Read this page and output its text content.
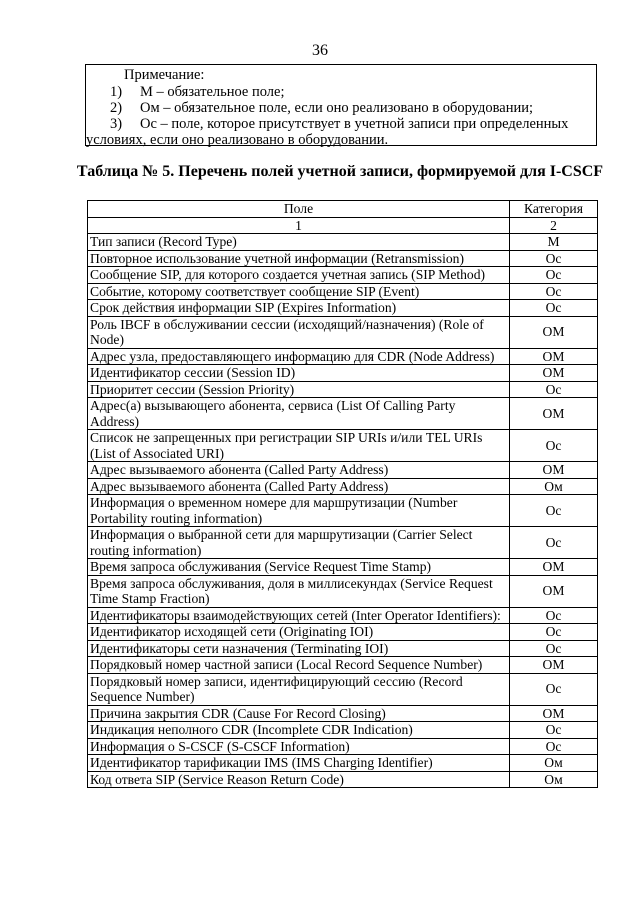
36
Примечание:
1) М – обязательное поле;
2) Ом – обязательное поле, если оно реализовано в оборудовании;
3) Ос – поле, которое присутствует в учетной записи при определенных
условиях, если оно реализовано в оборудовании.
Таблица № 5. Перечень полей учетной записи, формируемой для I-CSCF
Поле	Категория
1	2
Тип записи (Record Type)	М
Повторное использование учетной информации (Retransmission)	Oc
Сообщение SIP, для которого создается учетная запись (SIP Method)	Oc
Событие, которому соответствует сообщение SIP (Event)	Oc
Срок действия информации SIP (Expires Information)	Oc
Роль IBCF в обслуживании сессии (исходящий/назначения) (Role of Node)	OM
Адрес узла, предоставляющего информацию для CDR (Node Address)	OM
Идентификатор сессии (Session ID)	OM
Приоритет сессии (Session Priority)	Oc
Адрес(а) вызывающего абонента, сервиса (List Of Calling Party Address)	OM
Список не запрещенных при регистрации SIP URIs и/или TEL URIs (List of Associated URI)	Oc
Адрес вызываемого абонента (Called Party Address)	OM
Адрес вызываемого абонента (Called Party Address)	Ом
Информация о временном номере для маршрутизации (Number Portability routing information)	Oc
Информация о выбранной сети для маршрутизации (Carrier Select routing information)	Oc
Время запроса обслуживания (Service Request Time Stamp)	OM
Время запроса обслуживания, доля в миллисекундах (Service Request Time Stamp Fraction)	OM
Идентификаторы взаимодействующих сетей (Inter Operator Identifiers):	Oc
Идентификатор исходящей сети (Originating IOI)	Oc
Идентификаторы сети назначения (Terminating IOI)	Oc
Порядковый номер частной записи (Local Record Sequence Number)	OM
Порядковый номер записи, идентифицирующий сессию (Record Sequence Number)	Oc
Причина закрытия CDR (Cause For Record Closing)	OM
Индикация неполного CDR (Incomplete CDR Indication)	Oc
Информация о S-CSCF (S-CSCF Information)	Ос
Идентификатор тарификации IMS (IMS Charging Identifier)	Ом
Код ответа SIP (Service Reason Return Code)	Ом
